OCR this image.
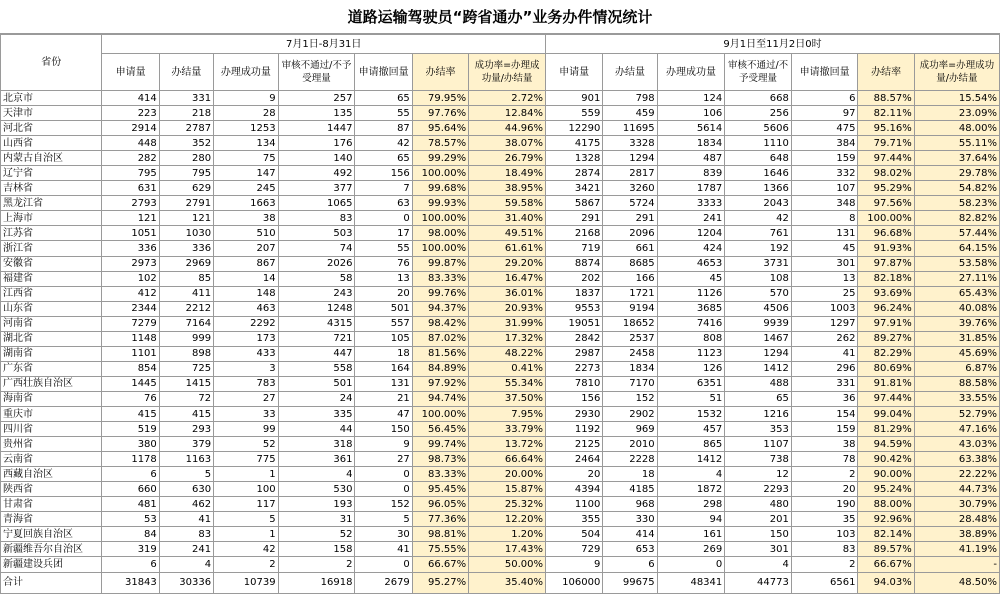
道路运输驾驶员“跨省通办”业务办件情况统计
省份	7月1日-8月31日							9月1日至11月2日0时						
	申请量	办结量	办理成功量	审核不通过/不予受理量	申请撤回量	办结率	成功率=办理成功量/办结量	申请量	办结量	办理成功量	审核不通过/不予受理量	申请撤回量	办结率	成功率=办理成功量/办结量
北京市	414	331	9	257	65	79.95%	2.72%	901	798	124	668	6	88.57%	15.54%
天津市	223	218	28	135	55	97.76%	12.84%	559	459	106	256	97	82.11%	23.09%
河北省	2914	2787	1253	1447	87	95.64%	44.96%	12290	11695	5614	5606	475	95.16%	48.00%
山西省	448	352	134	176	42	78.57%	38.07%	4175	3328	1834	1110	384	79.71%	55.11%
内蒙古自治区	282	280	75	140	65	99.29%	26.79%	1328	1294	487	648	159	97.44%	37.64%
辽宁省	795	795	147	492	156	100.00%	18.49%	2874	2817	839	1646	332	98.02%	29.78%
吉林省	631	629	245	377	7	99.68%	38.95%	3421	3260	1787	1366	107	95.29%	54.82%
黑龙江省	2793	2791	1663	1065	63	99.93%	59.58%	5867	5724	3333	2043	348	97.56%	58.23%
上海市	121	121	38	83	0	100.00%	31.40%	291	291	241	42	8	100.00%	82.82%
江苏省	1051	1030	510	503	17	98.00%	49.51%	2168	2096	1204	761	131	96.68%	57.44%
浙江省	336	336	207	74	55	100.00%	61.61%	719	661	424	192	45	91.93%	64.15%
安徽省	2973	2969	867	2026	76	99.87%	29.20%	8874	8685	4653	3731	301	97.87%	53.58%
福建省	102	85	14	58	13	83.33%	16.47%	202	166	45	108	13	82.18%	27.11%
江西省	412	411	148	243	20	99.76%	36.01%	1837	1721	1126	570	25	93.69%	65.43%
山东省	2344	2212	463	1248	501	94.37%	20.93%	9553	9194	3685	4506	1003	96.24%	40.08%
河南省	7279	7164	2292	4315	557	98.42%	31.99%	19051	18652	7416	9939	1297	97.91%	39.76%
湖北省	1148	999	173	721	105	87.02%	17.32%	2842	2537	808	1467	262	89.27%	31.85%
湖南省	1101	898	433	447	18	81.56%	48.22%	2987	2458	1123	1294	41	82.29%	45.69%
广东省	854	725	3	558	164	84.89%	0.41%	2273	1834	126	1412	296	80.69%	6.87%
广西壮族自治区	1445	1415	783	501	131	97.92%	55.34%	7810	7170	6351	488	331	91.81%	88.58%
海南省	76	72	27	24	21	94.74%	37.50%	156	152	51	65	36	97.44%	33.55%
重庆市	415	415	33	335	47	100.00%	7.95%	2930	2902	1532	1216	154	99.04%	52.79%
四川省	519	293	99	44	150	56.45%	33.79%	1192	969	457	353	159	81.29%	47.16%
贵州省	380	379	52	318	9	99.74%	13.72%	2125	2010	865	1107	38	94.59%	43.03%
云南省	1178	1163	775	361	27	98.73%	66.64%	2464	2228	1412	738	78	90.42%	63.38%
西藏自治区	6	5	1	4	0	83.33%	20.00%	20	18	4	12	2	90.00%	22.22%
陕西省	660	630	100	530	0	95.45%	15.87%	4394	4185	1872	2293	20	95.24%	44.73%
甘肃省	481	462	117	193	152	96.05%	25.32%	1100	968	298	480	190	88.00%	30.79%
青海省	53	41	5	31	5	77.36%	12.20%	355	330	94	201	35	92.96%	28.48%
宁夏回族自治区	84	83	1	52	30	98.81%	1.20%	504	414	161	150	103	82.14%	38.89%
新疆维吾尔自治区	319	241	42	158	41	75.55%	17.43%	729	653	269	301	83	89.57%	41.19%
新疆建设兵团	6	4	2	2	0	66.67%	50.00%	9	6	0	4	2	66.67%	-
合计	31843	30336	10739	16918	2679	95.27%	35.40%	106000	99675	48341	44773	6561	94.03%	48.50%
